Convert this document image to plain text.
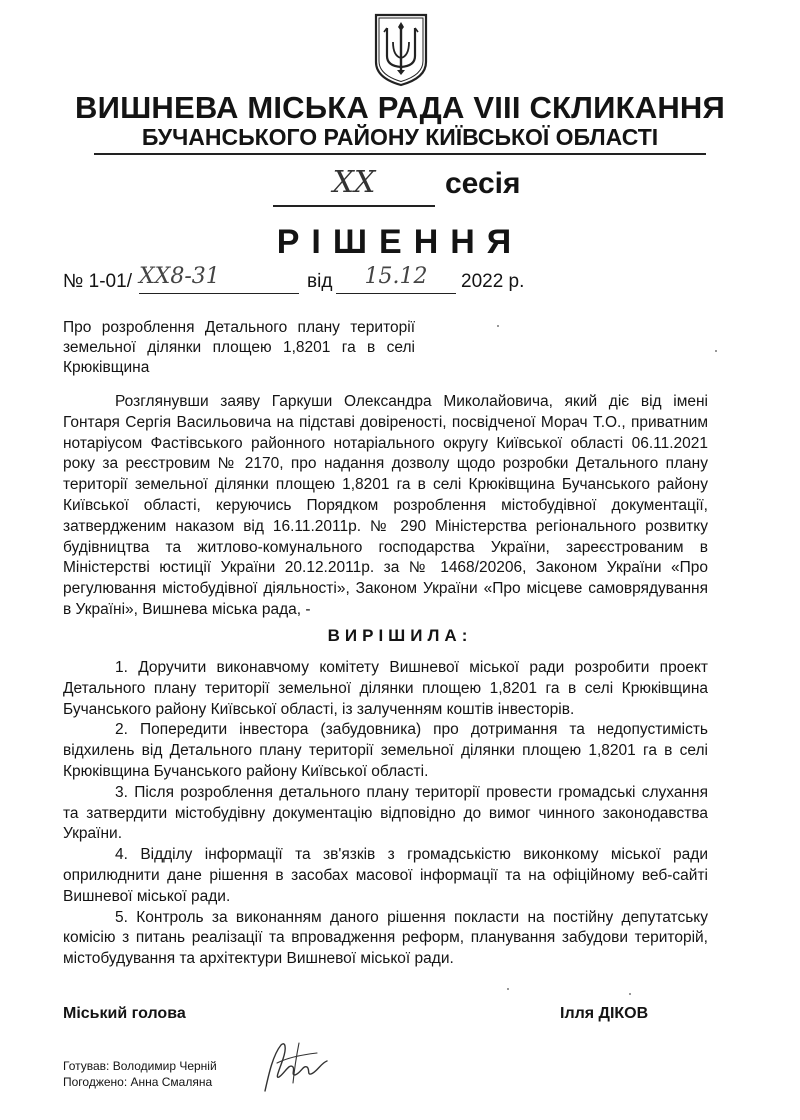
ВИШНЕВА МІСЬКА РАДА VIII СКЛИКАННЯ
БУЧАНСЬКОГО РАЙОНУ КИЇВСЬКОЇ ОБЛАСТІ
XX	сесія
РІШЕННЯ
№ 1-01/ XX8-31	від	15.12	2022 р.
Про розроблення Детального плану території земельної ділянки площею 1,8201 га в селі Крюківщина
Розглянувши заяву Гаркуши Олександра Миколайовича, який діє від імені Гонтаря Сергія Васильовича на підставі довіреності, посвідченої Морач Т.О., приватним нотаріусом Фастівського районного нотаріального округу Київської області 06.11.2021 року за реєстровим № 2170, про надання дозволу щодо розробки Детального плану території земельної ділянки площею 1,8201 га в селі Крюківщина Бучанського району Київської області, керуючись Порядком розроблення містобудівної документації, затвердженим наказом від 16.11.2011р. № 290 Міністерства регіонального розвитку будівництва та житлово-комунального господарства України, зареєстрованим в Міністерстві юстиції України 20.12.2011р. за № 1468/20206, Законом України «Про регулювання містобудівної діяльності», Законом України «Про місцеве самоврядування в Україні», Вишнева міська рада, -
ВИРІШИЛА:

1. Доручити виконавчому комітету Вишневої міської ради розробити проект Детального плану території земельної ділянки площею 1,8201 га в селі Крюківщина Бучанського району Київської області, із залученням коштів інвесторів.

2. Попередити інвестора (забудовника) про дотримання та недопустимість відхилень від Детального плану території земельної ділянки площею 1,8201 га в селі Крюківщина Бучанського району Київської області.

3. Після розроблення детального плану території провести громадські слухання та затвердити містобудівну документацію відповідно до вимог чинного законодавства України.

4. Відділу інформації та зв'язків з громадськістю виконкому міської ради оприлюднити дане рішення в засобах масової інформації та на офіційному веб-сайті Вишневої міської ради.

5. Контроль за виконанням даного рішення покласти на постійну депутатську комісію з питань реалізації та впровадження реформ, планування забудови територій, містобудування та архітектури Вишневої міської ради.

Міський голова	Ілля ДІКОВ
Готував: Володимир Черній
Погоджено: Анна Смаляна
